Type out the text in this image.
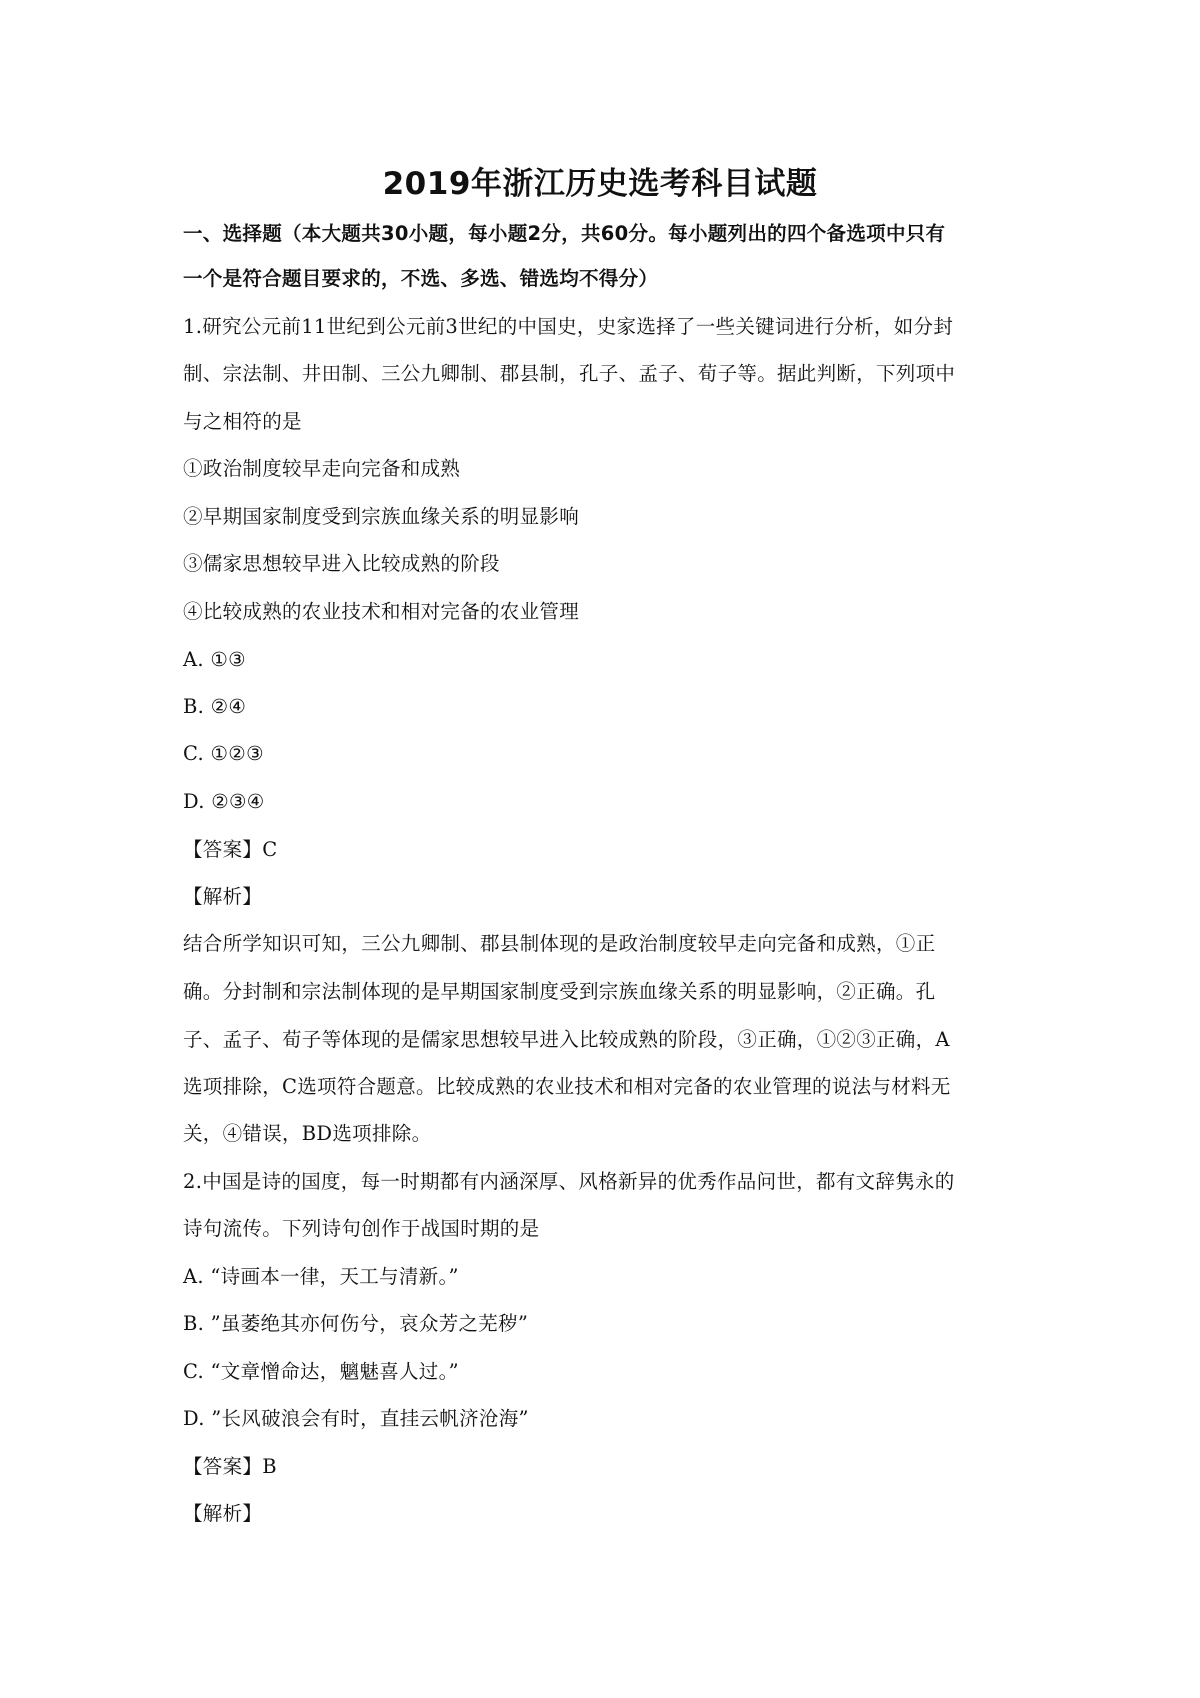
2019年浙江历史选考科目试题
一、选择题（本大题共30小题，每小题2分，共60分。每小题列出的四个备选项中只有
一个是符合题目要求的，不选、多选、错选均不得分）
1.研究公元前11世纪到公元前3世纪的中国史，史家选择了一些关键词进行分析，如分封
制、宗法制、井田制、三公九卿制、郡县制，孔子、孟子、荀子等。据此判断，下列项中
与之相符的是
①政治制度较早走向完备和成熟
②早期国家制度受到宗族血缘关系的明显影响
③儒家思想较早进入比较成熟的阶段
④比较成熟的农业技术和相对完备的农业管理
A. ①③
B. ②④
C. ①②③
D. ②③④
【答案】C
【解析】
结合所学知识可知，三公九卿制、郡县制体现的是政治制度较早走向完备和成熟，①正
确。分封制和宗法制体现的是早期国家制度受到宗族血缘关系的明显影响，②正确。孔
子、孟子、荀子等体现的是儒家思想较早进入比较成熟的阶段，③正确，①②③正确，A
选项排除，C选项符合题意。比较成熟的农业技术和相对完备的农业管理的说法与材料无
关，④错误，BD选项排除。
2.中国是诗的国度，每一时期都有内涵深厚、风格新异的优秀作品问世，都有文辞隽永的
诗句流传。下列诗句创作于战国时期的是
A. “诗画本一律，天工与清新。”
B. ”虽萎绝其亦何伤兮，哀众芳之芜秽”
C. “文章憎命达，魑魅喜人过。”
D. ”长风破浪会有时，直挂云帆济沧海”
【答案】B
【解析】
